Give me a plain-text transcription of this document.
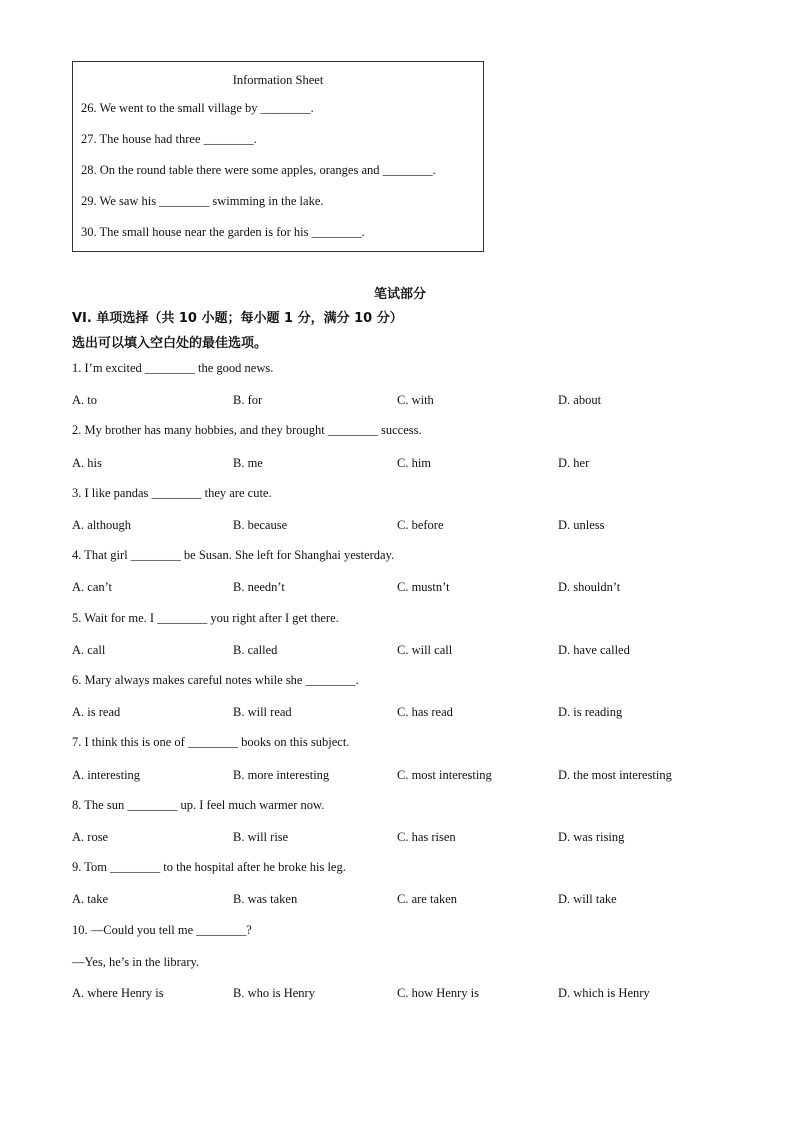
Information Sheet
26. We went to the small village by ________.
27. The house had three ________.
28. On the round table there were some apples, oranges and ________.
29. We saw his ________ swimming in the lake.
30. The small house near the garden is for his ________.
笔试部分
VI. 单项选择（共 10 小题；每小题 1 分，满分 10 分）
选出可以填入空白处的最佳选项。
1. I’m excited ________ the good news.
A. to	B. for	C. with	D. about
2. My brother has many hobbies, and they brought ________ success.
A. his	B. me	C. him	D. her
3. I like pandas ________ they are cute.
A. although	B. because	C. before	D. unless
4. That girl ________ be Susan. She left for Shanghai yesterday.
A. can’t	B. needn’t	C. mustn’t	D. shouldn’t
5. Wait for me. I ________ you right after I get there.
A. call	B. called	C. will call	D. have called
6. Mary always makes careful notes while she ________.
A. is read	B. will read	C. has read	D. is reading
7. I think this is one of ________ books on this subject.
A. interesting	B. more interesting	C. most interesting	D. the most interesting
8. The sun ________ up. I feel much warmer now.
A. rose	B. will rise	C. has risen	D. was rising
9. Tom ________ to the hospital after he broke his leg.
A. take	B. was taken	C. are taken	D. will take
10. —Could you tell me ________?
—Yes, he’s in the library.
A. where Henry is	B. who is Henry	C. how Henry is	D. which is Henry
